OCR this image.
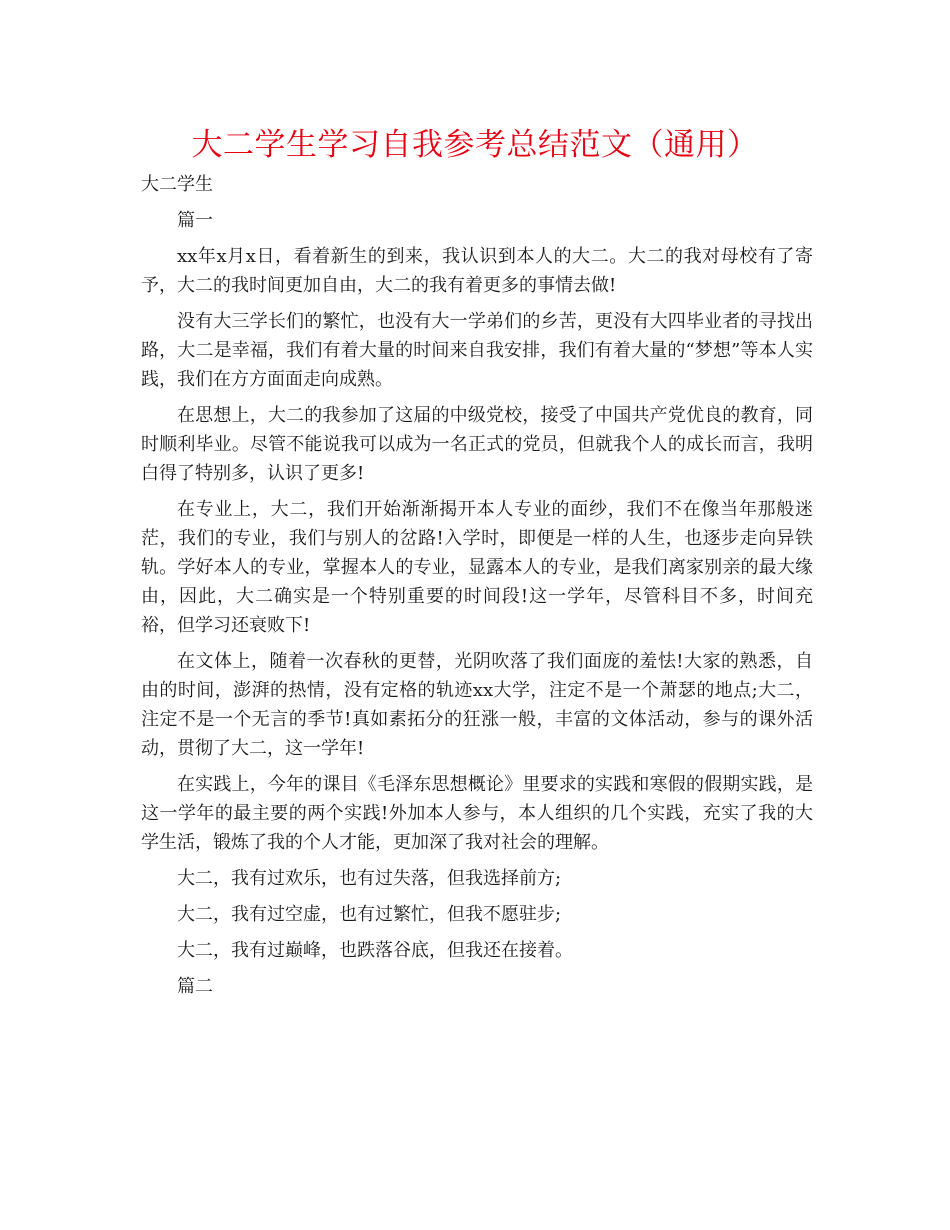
大二学生学习自我参考总结范文（通用）

大二学生

篇一

xx年x月x日，看着新生的到来，我认识到本人的大二。大二的我对母校有了寄予，大二的我时间更加自由，大二的我有着更多的事情去做!

没有大三学长们的繁忙，也没有大一学弟们的乡苦，更没有大四毕业者的寻找出路，大二是幸福，我们有着大量的时间来自我安排，我们有着大量的“梦想”等本人实践，我们在方方面面走向成熟。

在思想上，大二的我参加了这届的中级党校，接受了中国共产党优良的教育，同时顺利毕业。尽管不能说我可以成为一名正式的党员，但就我个人的成长而言，我明白得了特别多，认识了更多!

在专业上，大二，我们开始渐渐揭开本人专业的面纱，我们不在像当年那般迷茫，我们的专业，我们与别人的岔路!入学时，即便是一样的人生，也逐步走向异铁轨。学好本人的专业，掌握本人的专业，显露本人的专业，是我们离家别亲的最大缘由，因此，大二确实是一个特别重要的时间段!这一学年，尽管科目不多，时间充裕，但学习还衰败下!

在文体上，随着一次春秋的更替，光阴吹落了我们面庞的羞怯!大家的熟悉，自由的时间，澎湃的热情，没有定格的轨迹xx大学，注定不是一个萧瑟的地点;大二，注定不是一个无言的季节!真如素拓分的狂涨一般，丰富的文体活动，参与的课外活动，贯彻了大二，这一学年!

在实践上，今年的课目《毛泽东思想概论》里要求的实践和寒假的假期实践，是这一学年的最主要的两个实践!外加本人参与，本人组织的几个实践，充实了我的大学生活，锻炼了我的个人才能，更加深了我对社会的理解。

大二，我有过欢乐，也有过失落，但我选择前方;

大二，我有过空虚，也有过繁忙，但我不愿驻步;

大二，我有过巅峰，也跌落谷底，但我还在接着。

篇二
